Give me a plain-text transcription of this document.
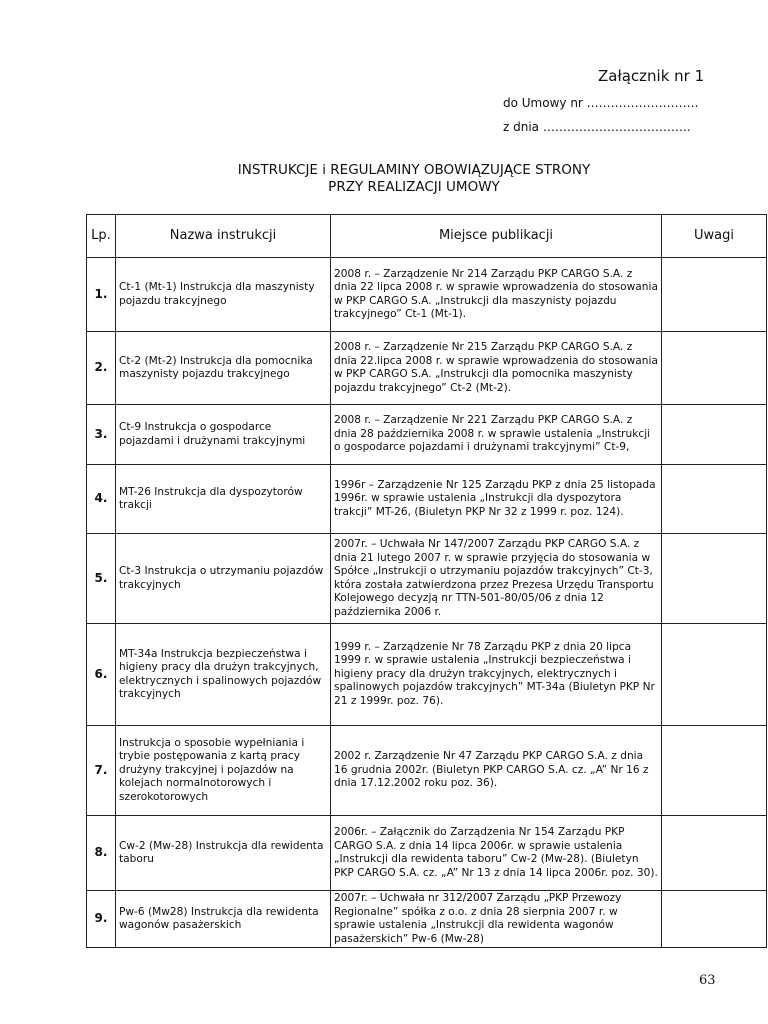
Załącznik nr 1
do Umowy nr ……………………….
z dnia ……………………………….
INSTRUKCJE i REGULAMINY OBOWIĄZUJĄCE STRONY
PRZY REALIZACJI UMOWY
Lp.	Nazwa instrukcji	Miejsce publikacji	Uwagi
1.	Ct-1 (Mt-1) Instrukcja dla maszynisty pojazdu trakcyjnego	2008 r. – Zarządzenie Nr 214 Zarządu PKP CARGO S.A. z dnia 22 lipca 2008 r. w sprawie wprowadzenia do stosowania w PKP CARGO S.A. „Instrukcji dla maszynisty pojazdu trakcyjnego” Ct-1 (Mt-1).	
2.	Ct-2 (Mt-2) Instrukcja dla pomocnika maszynisty pojazdu trakcyjnego	2008 r. – Zarządzenie Nr 215 Zarządu PKP CARGO S.A. z dnia 22.lipca 2008 r. w sprawie wprowadzenia do stosowania w PKP CARGO S.A. „Instrukcji dla pomocnika maszynisty pojazdu trakcyjnego” Ct-2 (Mt-2).	
3.	Ct-9 Instrukcja o gospodarce pojazdami i drużynami trakcyjnymi	2008 r. – Zarządzenie Nr 221 Zarządu PKP CARGO S.A. z dnia 28 października 2008 r. w sprawie ustalenia „Instrukcji o gospodarce pojazdami i drużynami trakcyjnymi” Ct-9,	
4.	MT-26 Instrukcja dla dyspozytorów trakcji	1996r – Zarządzenie Nr 125 Zarządu PKP z dnia 25 listopada 1996r. w sprawie ustalenia „Instrukcji dla dyspozytora trakcji” MT-26, (Biuletyn PKP Nr 32 z 1999 r. poz. 124).	
5.	Ct-3 Instrukcja o utrzymaniu pojazdów trakcyjnych	2007r. – Uchwała Nr 147/2007 Zarządu PKP CARGO S.A. z dnia 21 lutego 2007 r. w sprawie przyjęcia do stosowania w Spółce „Instrukcji o utrzymaniu pojazdów trakcyjnych” Ct-3, która została zatwierdzona przez Prezesa Urzędu Transportu Kolejowego decyzją nr TTN-501-80/05/06 z dnia 12 października 2006 r.	
6.	MT-34a Instrukcja bezpieczeństwa i higieny pracy dla drużyn trakcyjnych, elektrycznych i spalinowych pojazdów trakcyjnych	1999 r. – Zarządzenie Nr 78 Zarządu PKP z dnia 20 lipca 1999 r. w sprawie ustalenia „Instrukcji bezpieczeństwa i higieny pracy dla drużyn trakcyjnych, elektrycznych i spalinowych pojazdów trakcyjnych” MT-34a (Biuletyn PKP Nr 21 z 1999r. poz. 76).	
7.	Instrukcja o sposobie wypełniania i trybie postępowania z kartą pracy drużyny trakcyjnej i pojazdów na kolejach normalnotorowych i szerokotorowych	2002 r. Zarządzenie Nr 47 Zarządu PKP CARGO S.A. z dnia 16 grudnia 2002r. (Biuletyn PKP CARGO S.A. cz. „A” Nr 16 z dnia 17.12.2002 roku poz. 36).	
8.	Cw-2 (Mw-28) Instrukcja dla rewidenta taboru	2006r. – Załącznik do Zarządzenia Nr 154 Zarządu PKP CARGO S.A. z dnia 14 lipca 2006r. w sprawie ustalenia „Instrukcji dla rewidenta taboru” Cw-2 (Mw-28). (Biuletyn PKP CARGO S.A. cz. „A” Nr 13 z dnia 14 lipca 2006r. poz. 30).	
9.	Pw-6 (Mw28) Instrukcja dla rewidenta wagonów pasażerskich	2007r. – Uchwała nr 312/2007 Zarządu „PKP Przewozy Regionalne” spółka z o.o. z dnia 28 sierpnia 2007 r. w sprawie ustalenia „Instrukcji dla rewidenta wagonów pasażerskich” Pw-6 (Mw-28)	
63
